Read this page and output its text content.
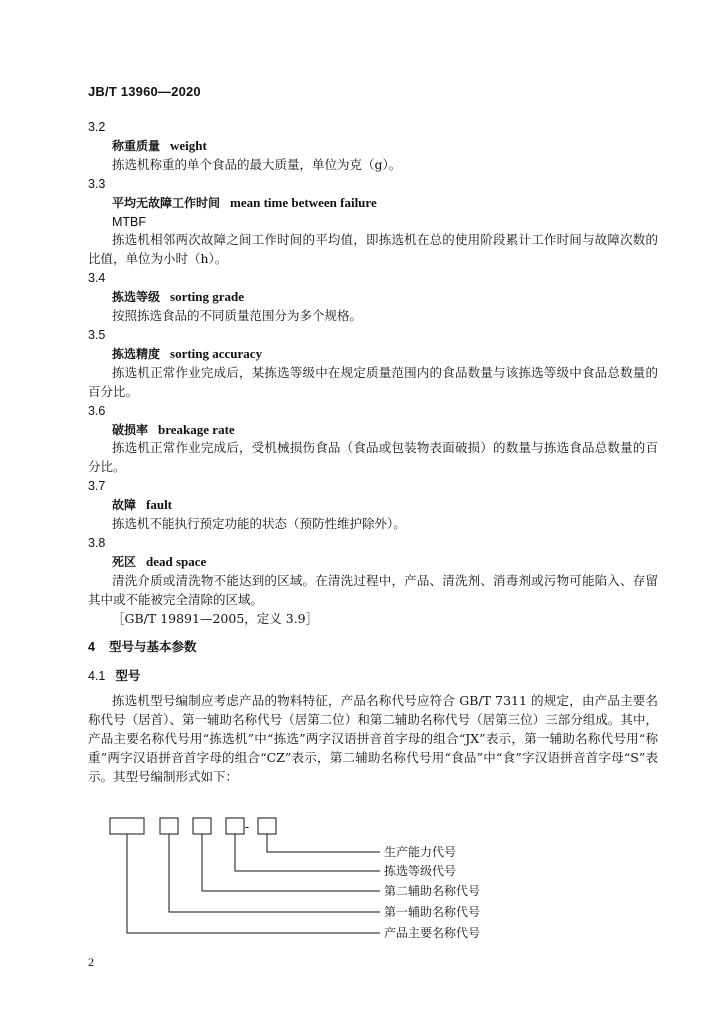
JB/T 13960—2020

3.2

称重质量 weight

拣选机称重的单个食品的最大质量，单位为克（g）。

3.3

平均无故障工作时间 mean time between failure

MTBF

拣选机相邻两次故障之间工作时间的平均值，即拣选机在总的使用阶段累计工作时间与故障次数的比值，单位为小时（h）。

3.4

拣选等级 sorting grade

按照拣选食品的不同质量范围分为多个规格。

3.5

拣选精度 sorting accuracy

拣选机正常作业完成后，某拣选等级中在规定质量范围内的食品数量与该拣选等级中食品总数量的百分比。

3.6

破损率 breakage rate

拣选机正常作业完成后，受机械损伤食品（食品或包装物表面破损）的数量与拣选食品总数量的百分比。

3.7

故障 fault

拣选机不能执行预定功能的状态（预防性维护除外）。

3.8

死区 dead space

清洗介质或清洗物不能达到的区域。在清洗过程中，产品、清洗剂、消毒剂或污物可能陷入、存留其中或不能被完全清除的区域。

［GB/T 19891—2005，定义 3.9］

4 型号与基本参数

4.1 型号

拣选机型号编制应考虑产品的物料特征，产品名称代号应符合 GB/T 7311 的规定，由产品主要名称代号（居首）、第一辅助名称代号（居第二位）和第二辅助名称代号（居第三位）三部分组成。其中，产品主要名称代号用“拣选机”中“拣选”两字汉语拼音首字母的组合“JX”表示，第一辅助名称代号用“称重”两字汉语拼音首字母的组合“CZ”表示，第二辅助名称代号用“食品”中“食”字汉语拼音首字母“S”表示。其型号编制形式如下：

-
生产能力代号
拣选等级代号
第二辅助名称代号
第一辅助名称代号
产品主要名称代号
2
